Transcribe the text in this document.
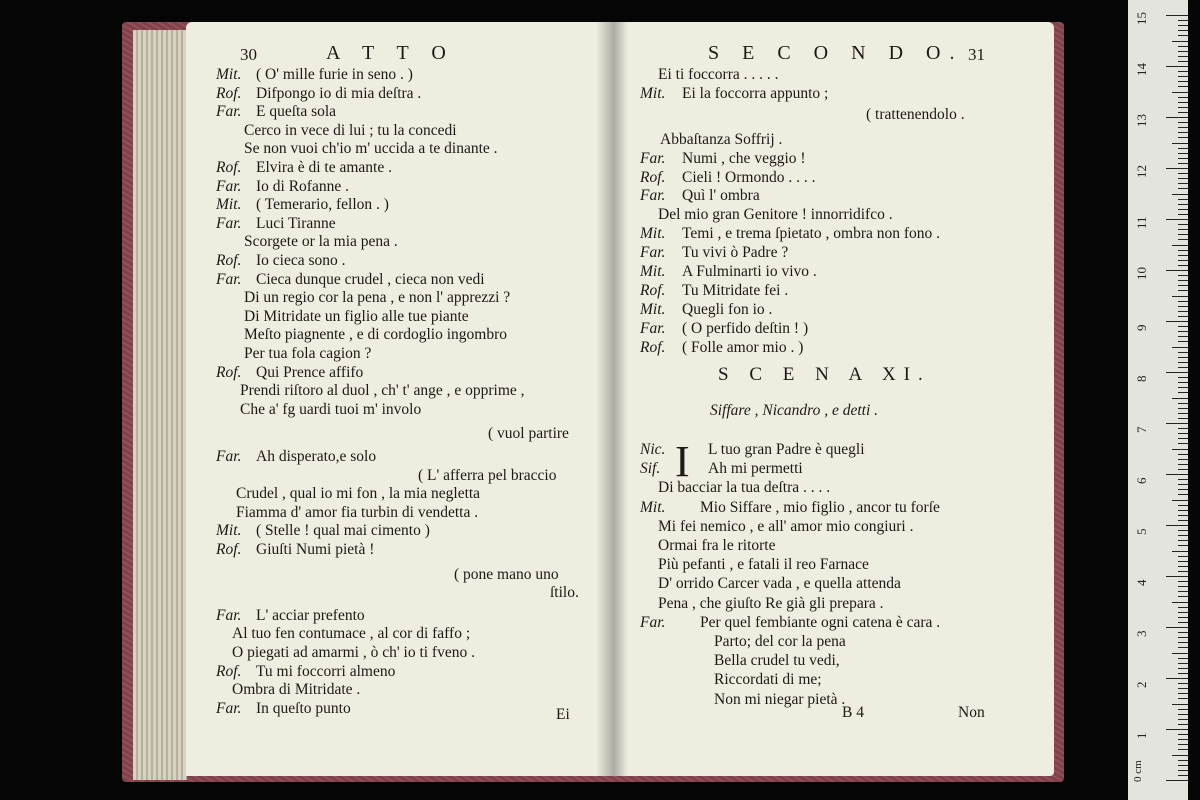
30	A T T O
Ei
Mit. ( O' mille furie in seno . )
Rof. Difpongo io di mia deſtra .
Far. E queſta sola
Cerco in vece di lui ; tu la concedi
Se non vuoi ch'io m' uccida a te dinante .
Rof. Elvira è di te amante .
Far. Io di Rofanne .
Mit. ( Temerario, fellon . )
Far. Luci Tiranne
Scorgete or la mia pena .
Rof. Io cieca sono .
Far. Cieca dunque crudel , cieca non vedi
Di un regio cor la pena , e non l' apprezzi ?
Di Mitridate un figlio alle tue piante
Meſto piagnente , e di cordoglio ingombro
Per tua fola cagion ?
Rof. Qui Prence affifo
Prendi riſtoro al duol , ch' t' ange , e opprime ,
Che a' fg uardi tuoi m' involo
( vuol partire
Far. Ah disperato,e solo
( L' afferra pel braccio
Crudel , qual io mi fon , la mia negletta
Fiamma d' amor fia turbin di vendetta .
Mit. ( Stelle ! qual mai cimento )
Rof. Giuſti Numi pietà !
( pone mano uno
ſtilo.
Far. L' acciar prefento
Al tuo fen contumace , al cor di faffo ;
O piegati ad amarmi , ò ch' io ti fveno .
Rof. Tu mi foccorri almeno
Ombra di Mitridate .
Far. In queſto punto
S E C O N D O. 31
S C E N A XI.
Siffare , Nicandro , e detti .
I
B 4	Non
Ei ti foccorra . . . . .
Mit. Ei la foccorra appunto ;
( trattenendolo .
Abbaſtanza Soffrij .
Far. Numi , che veggio !
Rof. Cieli ! Ormondo . . . .
Far. Quì l' ombra
Del mio gran Genitore ! innorridifco .
Mit. Temi , e trema ſpietato , ombra non fono .
Far. Tu vivi ò Padre ?
Mit. A Fulminarti io vivo .
Rof. Tu Mitridate fei .
Mit. Quegli fon io .
Far. ( O perfido deſtin ! )
Rof. ( Folle amor mio . )
Nic.	L tuo gran Padre è quegli
Sif.	Ah mi permetti
Di bacciar la tua deſtra . . . .
Mit. Mio Siffare , mio figlio , ancor tu forſe
Mi fei nemico , e all' amor mio congiuri .
Ormai fra le ritorte
Più pefanti , e fatali il reo Farnace
D' orrido Carcer vada , e quella attenda
Pena , che giuſto Re già gli prepara .
Far. Per quel fembiante ogni catena è cara .
Parto; del cor la pena
Bella crudel tu vedi,
Riccordati di me;
Non mi niegar pietà .
0 cm
1
2
3
4
5
6
7
8
9
10
11
12
13
14
15
